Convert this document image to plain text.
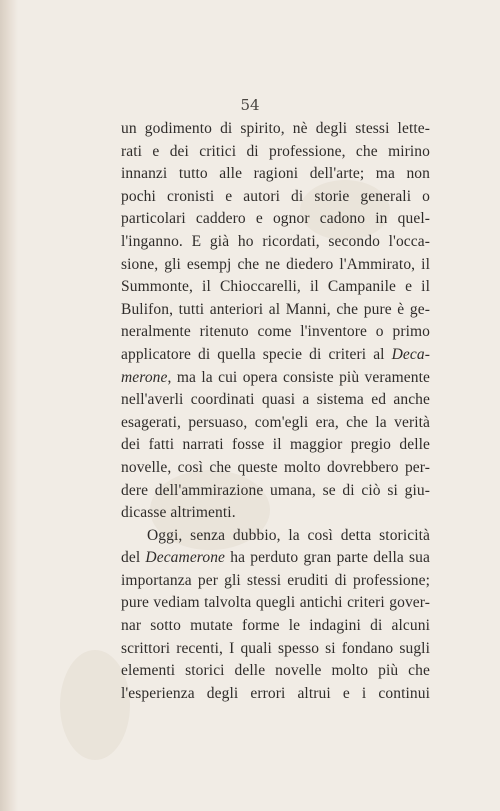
54
un godimento di spirito, nè degli stessi lette-
rati e dei critici di professione, che mirino
innanzi tutto alle ragioni dell'arte; ma non
pochi cronisti e autori di storie generali o
particolari caddero e ognor cadono in quel-
l'inganno. E già ho ricordati, secondo l'occa-
sione, gli esempj che ne diedero l'Ammirato, il
Summonte, il Chioccarelli, il Campanile e il
Bulifon, tutti anteriori al Manni, che pure è ge-
neralmente ritenuto come l'inventore o primo
applicatore di quella specie di criteri al Deca-
merone, ma la cui opera consiste più veramente
nell'averli coordinati quasi a sistema ed anche
esagerati, persuaso, com'egli era, che la verità
dei fatti narrati fosse il maggior pregio delle
novelle, così che queste molto dovrebbero per-
dere dell'ammirazione umana, se di ciò si giu-
dicasse altrimenti.
Oggi, senza dubbio, la così detta storicità
del Decamerone ha perduto gran parte della sua
importanza per gli stessi eruditi di professione;
pure vediam talvolta quegli antichi criteri gover-
nar sotto mutate forme le indagini di alcuni
scrittori recenti, I quali spesso si fondano sugli
elementi storici delle novelle molto più che
l'esperienza degli errori altrui e i continui
